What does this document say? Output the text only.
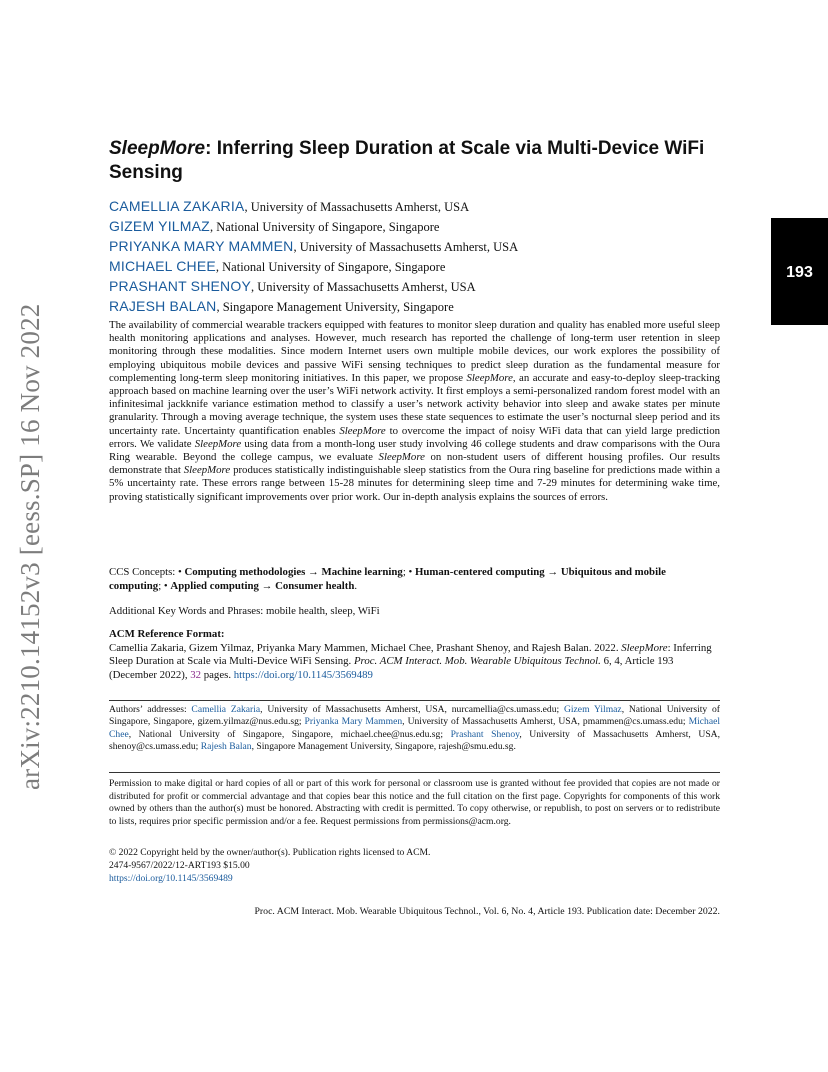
arXiv:2210.14152v3 [eess.SP] 16 Nov 2022
193
SleepMore: Inferring Sleep Duration at Scale via Multi-Device WiFi Sensing
CAMELLIA ZAKARIA, University of Massachusetts Amherst, USA
GIZEM YILMAZ, National University of Singapore, Singapore
PRIYANKA MARY MAMMEN, University of Massachusetts Amherst, USA
MICHAEL CHEE, National University of Singapore, Singapore
PRASHANT SHENOY, University of Massachusetts Amherst, USA
RAJESH BALAN, Singapore Management University, Singapore

The availability of commercial wearable trackers equipped with features to monitor sleep duration and quality has enabled more useful sleep health monitoring applications and analyses. However, much research has reported the challenge of long-term user retention in sleep monitoring through these modalities. Since modern Internet users own multiple mobile devices, our work explores the possibility of employing ubiquitous mobile devices and passive WiFi sensing techniques to predict sleep duration as the fundamental measure for complementing long-term sleep monitoring initiatives. In this paper, we propose SleepMore, an accurate and easy-to-deploy sleep-tracking approach based on machine learning over the user’s WiFi network activity. It first employs a semi-personalized random forest model with an infinitesimal jackknife variance estimation method to classify a user’s network activity behavior into sleep and awake states per minute granularity. Through a moving average technique, the system uses these state sequences to estimate the user’s nocturnal sleep period and its uncertainty rate. Uncertainty quantification enables SleepMore to overcome the impact of noisy WiFi data that can yield large prediction errors. We validate SleepMore using data from a month-long user study involving 46 college students and draw comparisons with the Oura Ring wearable. Beyond the college campus, we evaluate SleepMore on non-student users of different housing profiles. Our results demonstrate that SleepMore produces statistically indistinguishable sleep statistics from the Oura ring baseline for predictions made within a 5% uncertainty rate. These errors range between 15-28 minutes for determining sleep time and 7-29 minutes for determining wake time, proving statistically significant improvements over prior work. Our in-depth analysis explains the sources of errors.

CCS Concepts: • Computing methodologies → Machine learning; • Human-centered computing → Ubiquitous and mobile computing; • Applied computing → Consumer health.

Additional Key Words and Phrases: mobile health, sleep, WiFi

ACM Reference Format:
Camellia Zakaria, Gizem Yilmaz, Priyanka Mary Mammen, Michael Chee, Prashant Shenoy, and Rajesh Balan. 2022. SleepMore: Inferring Sleep Duration at Scale via Multi-Device WiFi Sensing. Proc. ACM Interact. Mob. Wearable Ubiquitous Technol. 6, 4, Article 193 (December 2022), 32 pages. https://doi.org/10.1145/3569489

Authors’ addresses: Camellia Zakaria, University of Massachusetts Amherst, USA, nurcamellia@cs.umass.edu; Gizem Yilmaz, National University of Singapore, Singapore, gizem.yilmaz@nus.edu.sg; Priyanka Mary Mammen, University of Massachusetts Amherst, USA, pmammen@cs.umass.edu; Michael Chee, National University of Singapore, Singapore, michael.chee@nus.edu.sg; Prashant Shenoy, University of Massachusetts Amherst, USA, shenoy@cs.umass.edu; Rajesh Balan, Singapore Management University, Singapore, rajesh@smu.edu.sg.

Permission to make digital or hard copies of all or part of this work for personal or classroom use is granted without fee provided that copies are not made or distributed for profit or commercial advantage and that copies bear this notice and the full citation on the first page. Copyrights for components of this work owned by others than the author(s) must be honored. Abstracting with credit is permitted. To copy otherwise, or republish, to post on servers or to redistribute to lists, requires prior specific permission and/or a fee. Request permissions from permissions@acm.org.

© 2022 Copyright held by the owner/author(s). Publication rights licensed to ACM.
2474-9567/2022/12-ART193 $15.00
https://doi.org/10.1145/3569489
Proc. ACM Interact. Mob. Wearable Ubiquitous Technol., Vol. 6, No. 4, Article 193. Publication date: December 2022.
